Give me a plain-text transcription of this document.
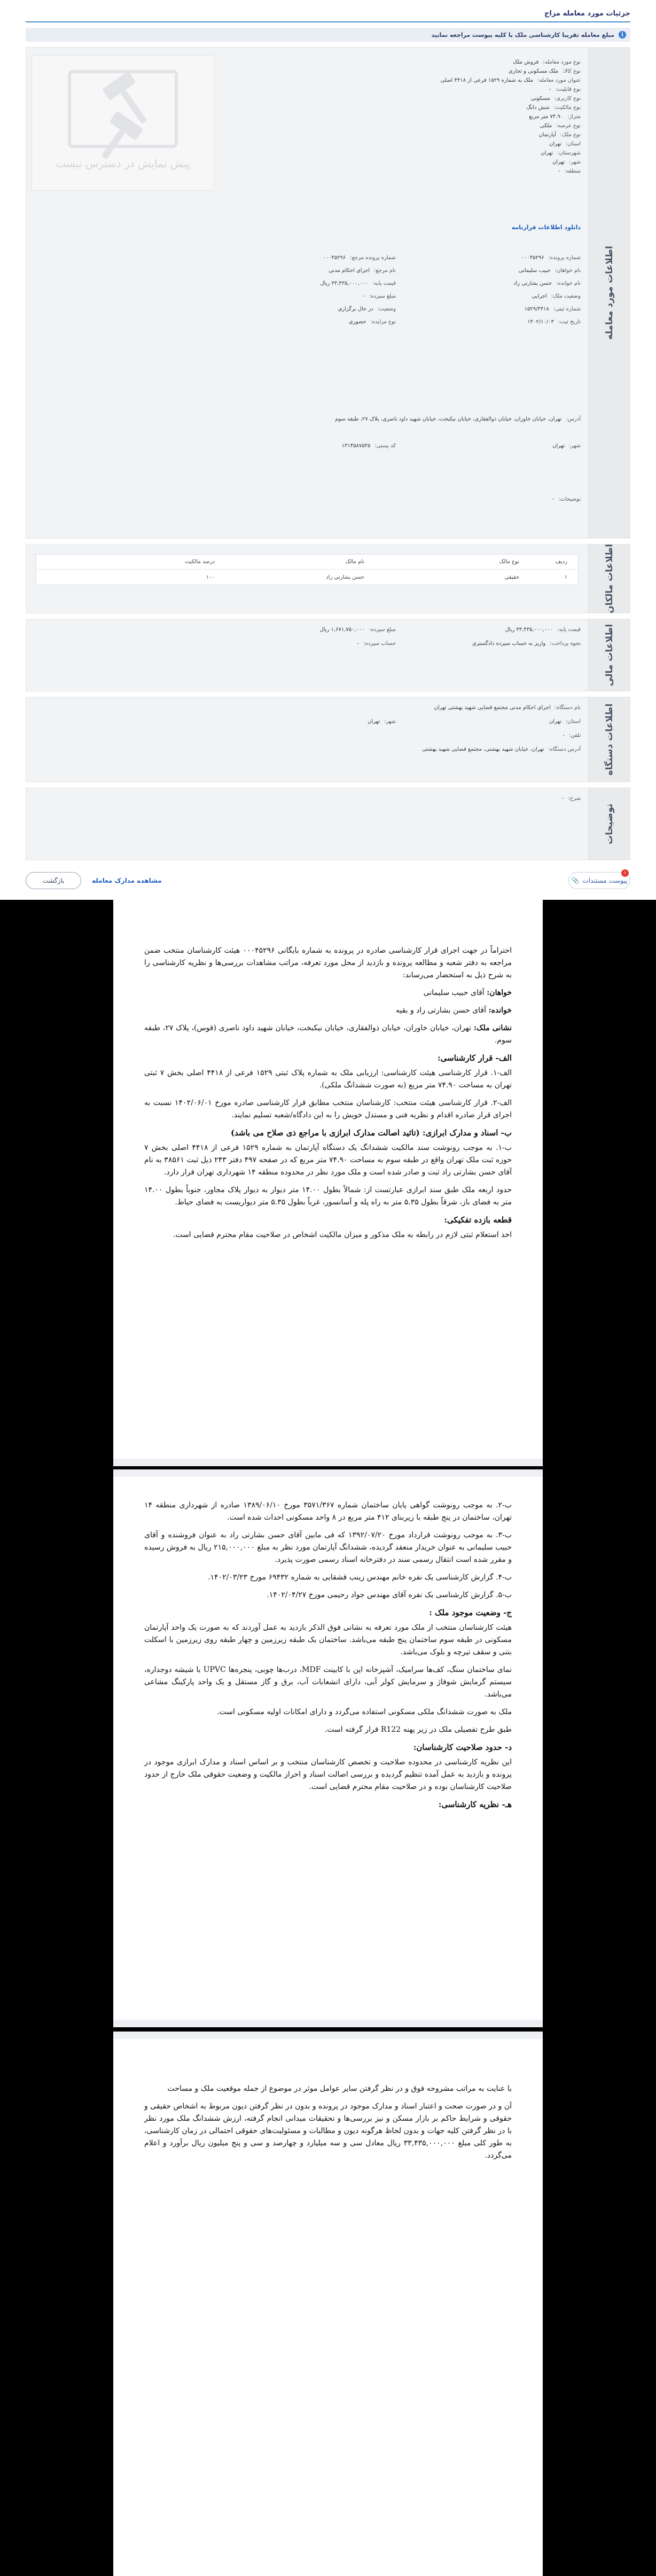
جزئیات مورد معامله مزاج
i
مبلغ معامله تقریبا کارشناسی ملک با کلیه پیوست مراجعه نمایید
اطلاعات مورد معامله
پیش نمایش در دسترس نیست
نوع مورد معامله:فروش ملک
نوع کالا:ملک مسکونی و تجاری
عنوان مورد معامله:ملک به شماره ۱۵۲۹ فرعی از ۴۴۱۸ اصلی
نوع قابلیت:-
نوع کاربری:مسکونی
نوع مالکیت:شش دانگ
متراژ:۷۴.۹۰ متر مربع
نوع عرصه:ملکی
نوع ملک:آپارتمان
استان:تهران
شهرستان:تهران
شهر:تهران
منطقه:-
دانلود اطلاعات قرارنامه
شماره پرونده:۰۰۰۴۵۲۹۶
شماره پرونده مرجع:۰۰۰۴۵۲۹۶
نام خواهان:حبیب سلیمانی
نام مرجع:اجرای احکام مدنی
نام خوانده:حسن بشارتی راد
قیمت پایه:۳۳,۴۳۵,۰۰۰,۰۰۰ ریال
وضعیت ملک:اجرایی
مبلغ سپرده:-
شماره ثبتی:۱۵۲۹/۴۴۱۸
وضعیت:در حال برگزاری
تاریخ ثبت:۱۴۰۲/۱۰/۰۳
نوع مزایده:حضوری
آدرس:تهران، خیابان خاوران، خیابان ذوالفقاری، خیابان نیکبخت، خیابان شهید داود ناصری، پلاک ۲۷، طبقه سوم
شهر:تهران
کد پستی:۱۳۱۴۵۸۷۵۴۵
توضیحات:-
اطلاعات مالکان
ردیف
نوع مالک
نام مالک
درصد مالکیت
۱
حقیقی
حسن بشارتی راد
۱۰۰
اطلاعات مالی
قیمت پایه:۳۳,۴۳۵,۰۰۰,۰۰۰ ریال
مبلغ سپرده:۱,۶۷۱,۷۵۰,۰۰۰ ریال
نحوه پرداخت:واریز به حساب سپرده دادگستری
حساب سپرده:-
اطلاعات دستگاه
نام دستگاه:اجرای احکام مدنی مجتمع قضایی شهید بهشتی تهران
استان:تهران
شهر:تهران
تلفن:-
آدرس دستگاه:تهران، خیابان شهید بهشتی، مجتمع قضایی شهید بهشتی
توضیحات
شرح:-
۱
پیوست مستندات
📎
مشاهده مدارک معامله
بازگشت

احتراماً در جهت اجرای قرار کارشناسی صادره در پرونده به شماره بایگانی ۰۰۰۴۵۲۹۶ هیئت کارشناسان منتخب ضمن مراجعه به دفتر شعبه و مطالعه پرونده و بازدید از محل مورد تعرفه، مراتب مشاهدات بررسی‌ها و نظریه کارشناسی را به شرح ذیل به استحضار می‌رساند:

خواهان: آقای حبیب سلیمانی

خوانده: آقای حسن بشارتی راد و بقیه

نشانی ملک: تهران، خیابان خاوران، خیابان ذوالفقاری، خیابان نیکبخت، خیابان شهید داود ناصری (قوس)، پلاک ۲۷، طبقه سوم.

الف- قرار کارشناسی:

الف-۱. قرار کارشناسی هیئت کارشناسی: ارزیابی ملک به شماره پلاک ثبتی ۱۵۲۹ فرعی از ۴۴۱۸ اصلی بخش ۷ ثبتی تهران به مساحت ۷۴.۹۰ متر مربع (به صورت ششدانگ ملکی).

الف-۲. قرار کارشناسی هیئت منتخب: کارشناسان منتخب مطابق قرار کارشناسی صادره مورخ ۱۴۰۲/۰۶/۰۱ نسبت به اجرای قرار صادره اقدام و نظریه فنی و مستدل خویش را به این دادگاه/شعبه تسلیم نمایند.

ب- اسناد و مدارک ابرازی: (تائید اصالت مدارک ابرازی با مراجع ذی صلاح می باشد)

ب-۱. به موجب رونوشت سند مالکیت ششدانگ یک دستگاه آپارتمان به شماره ۱۵۲۹ فرعی از ۴۴۱۸ اصلی بخش ۷ حوزه ثبت ملک تهران واقع در طبقه سوم به مساحت ۷۴.۹۰ متر مربع که در صفحه ۴۹۷ دفتر ۲۴۳ ذیل ثبت ۳۸۵۶۱ به نام آقای حسن بشارتی راد ثبت و صادر شده است و ملک مورد نظر در محدوده منطقه ۱۴ شهرداری تهران قرار دارد.

حدود اربعه ملک طبق سند ابرازی عبارتست از: شمالاً بطول ۱۴.۰۰ متر دیوار به دیوار پلاک مجاور، جنوباً بطول ۱۴.۰۰ متر به فضای باز، شرقاً بطول ۵.۳۵ متر به راه پله و آسانسور، غرباً بطول ۵.۳۵ متر دیواریست به فضای حیاط.

قطعه بازده تفکیکی:

اخذ استعلام ثبتی لازم در رابطه به ملک مذکور و میزان مالکیت اشخاص در صلاحیت مقام محترم قضایی است.

ب-۲. به موجب رونوشت گواهی پایان ساختمان شماره ۳۵۷۱/۳۶۷ مورخ ۱۳۸۹/۰۶/۱۰ صادره از شهرداری منطقه ۱۴ تهران، ساختمان در پنج طبقه با زیربنای ۴۱۲ متر مربع در ۸ واحد مسکونی احداث شده است.

ب-۳. به موجب رونوشت قرارداد مورخ ۱۳۹۲/۰۷/۲۰ که فی مابین آقای حسن بشارتی راد به عنوان فروشنده و آقای حبیب سلیمانی به عنوان خریدار منعقد گردیده، ششدانگ آپارتمان مورد نظر به مبلغ ۲۱۵,۰۰۰,۰۰۰ ریال به فروش رسیده و مقرر شده است انتقال رسمی سند در دفترخانه اسناد رسمی صورت پذیرد.

ب-۴. گزارش کارشناسی یک نفره خانم مهندس زینب قشقایی به شماره ۶۹۴۳۲ مورخ ۱۴۰۲/۰۳/۲۳.

ب-۵. گزارش کارشناسی یک نفره آقای مهندس جواد رحیمی مورخ ۱۴۰۲/۰۴/۲۷.

ج- وضعیت موجود ملک :

هیئت کارشناسان منتخب از ملک مورد تعرفه به نشانی فوق الذکر بازدید به عمل آوردند که به صورت یک واحد آپارتمان مسکونی در طبقه سوم ساختمان پنج طبقه می‌باشد. ساختمان یک طبقه زیرزمین و چهار طبقه روی زیرزمین با اسکلت بتنی و سقف تیرچه و بلوک می‌باشد.

نمای ساختمان سنگ، کف‌ها سرامیک، آشپزخانه اپن با کابینت MDF، درب‌ها چوبی، پنجره‌ها UPVC با شیشه دوجداره، سیستم گرمایش شوفاژ و سرمایش کولر آبی، دارای انشعابات آب، برق و گاز مستقل و یک واحد پارکینگ مشاعی می‌باشد.

ملک به صورت ششدانگ ملکی مسکونی استفاده می‌گردد و دارای امکانات اولیه مسکونی است.

طبق طرح تفصیلی ملک در زیر پهنه R122 قرار گرفته است.

د- حدود صلاحیت کارشناسان:

این نظریه کارشناسی در محدوده صلاحیت و تخصص کارشناسان منتخب و بر اساس اسناد و مدارک ابرازی موجود در پرونده و بازدید به عمل آمده تنظیم گردیده و بررسی اصالت اسناد و احراز مالکیت و وضعیت حقوقی ملک خارج از حدود صلاحیت کارشناسان بوده و در صلاحیت مقام محترم قضایی است.

هـ- نظریه کارشناسی:

با عنایت به مراتب مشروحه فوق و در نظر گرفتن سایر عوامل موثر در موضوع از جمله موقعیت ملک و مساحت

آن و در صورت صحت و اعتبار اسناد و مدارک موجود در پرونده و بدون در نظر گرفتن دیون مربوط به اشخاص حقیقی و حقوقی و شرایط حاکم بر بازار مسکن و نیز بررسی‌ها و تحقیقات میدانی انجام گرفته، ارزش ششدانگ ملک مورد نظر با در نظر گرفتن کلیه جهات و بدون لحاظ هرگونه دیون و مطالبات و مسئولیت‌های حقوقی احتمالی در زمان کارشناسی، به طور کلی مبلغ ۳۳,۴۳۵,۰۰۰,۰۰۰ ریال معادل سی و سه میلیارد و چهارصد و سی و پنج میلیون ریال برآورد و اعلام می‌گردد.
